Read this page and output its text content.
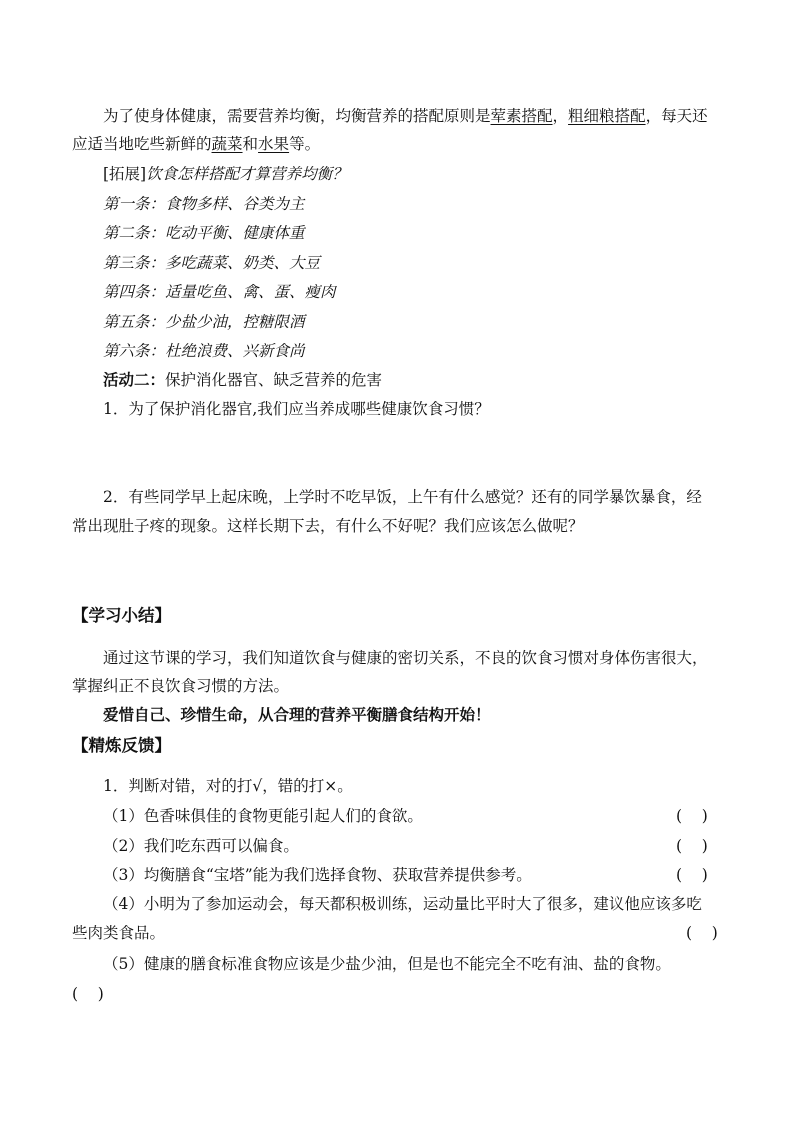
为了使身体健康，需要营养均衡，均衡营养的搭配原则是荤素搭配，粗细粮搭配，每天还
应适当地吃些新鲜的蔬菜和水果等。
[拓展]饮食怎样搭配才算营养均衡？
第一条：食物多样、谷类为主
第二条：吃动平衡、健康体重
第三条：多吃蔬菜、奶类、大豆
第四条：适量吃鱼、禽、蛋、瘦肉
第五条：少盐少油，控糖限酒
第六条：杜绝浪费、兴新食尚
活动二：保护消化器官、缺乏营养的危害
1．为了保护消化器官,我们应当养成哪些健康饮食习惯？
2．有些同学早上起床晚，上学时不吃早饭，上午有什么感觉？还有的同学暴饮暴食，经
常出现肚子疼的现象。这样长期下去，有什么不好呢？我们应该怎么做呢？
【学习小结】
通过这节课的学习，我们知道饮食与健康的密切关系，不良的饮食习惯对身体伤害很大，
掌握纠正不良饮食习惯的方法。
爱惜自己、珍惜生命，从合理的营养平衡膳食结构开始！
【精炼反馈】
1．判断对错，对的打√，错的打×。
（1）色香味俱佳的食物更能引起人们的食欲。	(    )
（2）我们吃东西可以偏食。	(    )
（3）均衡膳食“宝塔”能为我们选择食物、获取营养提供参考。	(    )
（4）小明为了参加运动会，每天都积极训练，运动量比平时大了很多，建议他应该多吃
些肉类食品。	(    )
（5）健康的膳食标准食物应该是少盐少油，但是也不能完全不吃有油、盐的食物。
(    )
